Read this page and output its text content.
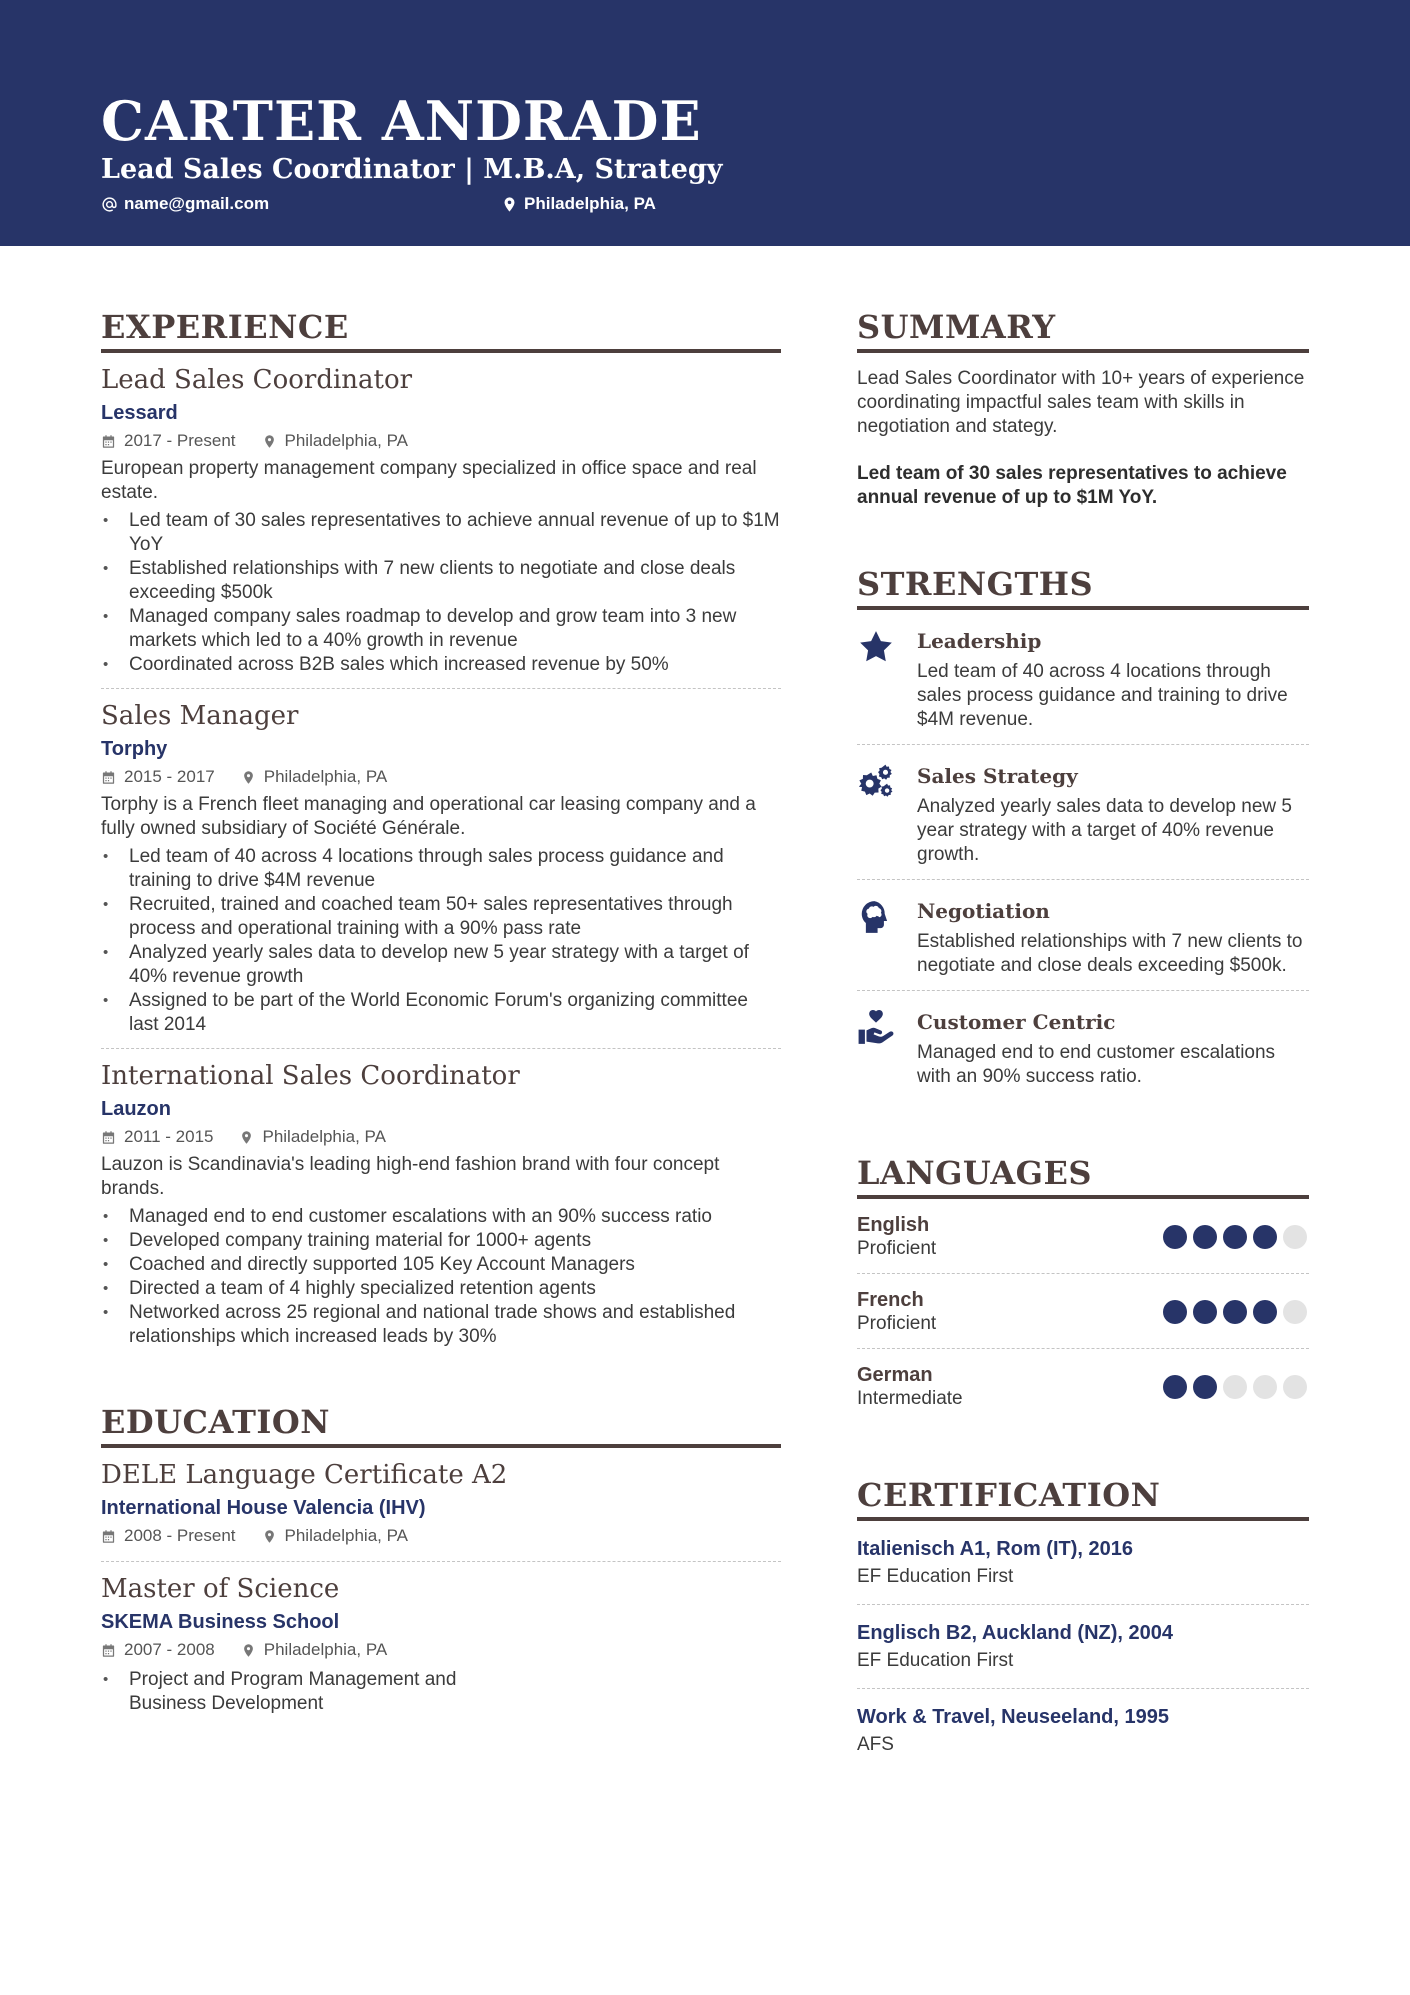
CARTER ANDRADE
Lead Sales Coordinator | M.B.A, Strategy
name@gmail.com	Philadelphia, PA
EXPERIENCE
Lead Sales Coordinator
Lessard
2017 - Present	Philadelphia, PA
European property management company specialized in office space and real estate.
• Led team of 30 sales representatives to achieve annual revenue of up to $1M YoY
• Established relationships with 7 new clients to negotiate and close deals exceeding $500k
• Managed company sales roadmap to develop and grow team into 3 new markets which led to a 40% growth in revenue
• Coordinated across B2B sales which increased revenue by 50%
Sales Manager
Torphy
2015 - 2017	Philadelphia, PA
Torphy is a French fleet managing and operational car leasing company and a fully owned subsidiary of Société Générale.
• Led team of 40 across 4 locations through sales process guidance and training to drive $4M revenue
• Recruited, trained and coached team 50+ sales representatives through process and operational training with a 90% pass rate
• Analyzed yearly sales data to develop new 5 year strategy with a target of 40% revenue growth
• Assigned to be part of the World Economic Forum's organizing committee last 2014
International Sales Coordinator
Lauzon
2011 - 2015	Philadelphia, PA
Lauzon is Scandinavia's leading high-end fashion brand with four concept brands.
• Managed end to end customer escalations with an 90% success ratio
• Developed company training material for 1000+ agents
• Coached and directly supported 105 Key Account Managers
• Directed a team of 4 highly specialized retention agents
• Networked across 25 regional and national trade shows and established relationships which increased leads by 30%
EDUCATION
DELE Language Certificate A2
International House Valencia (IHV)
2008 - Present	Philadelphia, PA
Master of Science
SKEMA Business School
2007 - 2008	Philadelphia, PA
• Project and Program Management and Business Development
SUMMARY
Lead Sales Coordinator with 10+ years of experience coordinating impactful sales team with skills in negotiation and stategy.
Led team of 30 sales representatives to achieve annual revenue of up to $1M YoY.
STRENGTHS
Leadership
Led team of 40 across 4 locations through sales process guidance and training to drive $4M revenue.
Sales Strategy
Analyzed yearly sales data to develop new 5 year strategy with a target of 40% revenue growth.
Negotiation
Established relationships with 7 new clients to negotiate and close deals exceeding $500k.
Customer Centric
Managed end to end customer escalations with an 90% success ratio.
LANGUAGES
English
Proficient
French
Proficient
German
Intermediate
CERTIFICATION
Italienisch A1, Rom (IT), 2016
EF Education First
Englisch B2, Auckland (NZ), 2004
EF Education First
Work & Travel, Neuseeland, 1995
AFS
